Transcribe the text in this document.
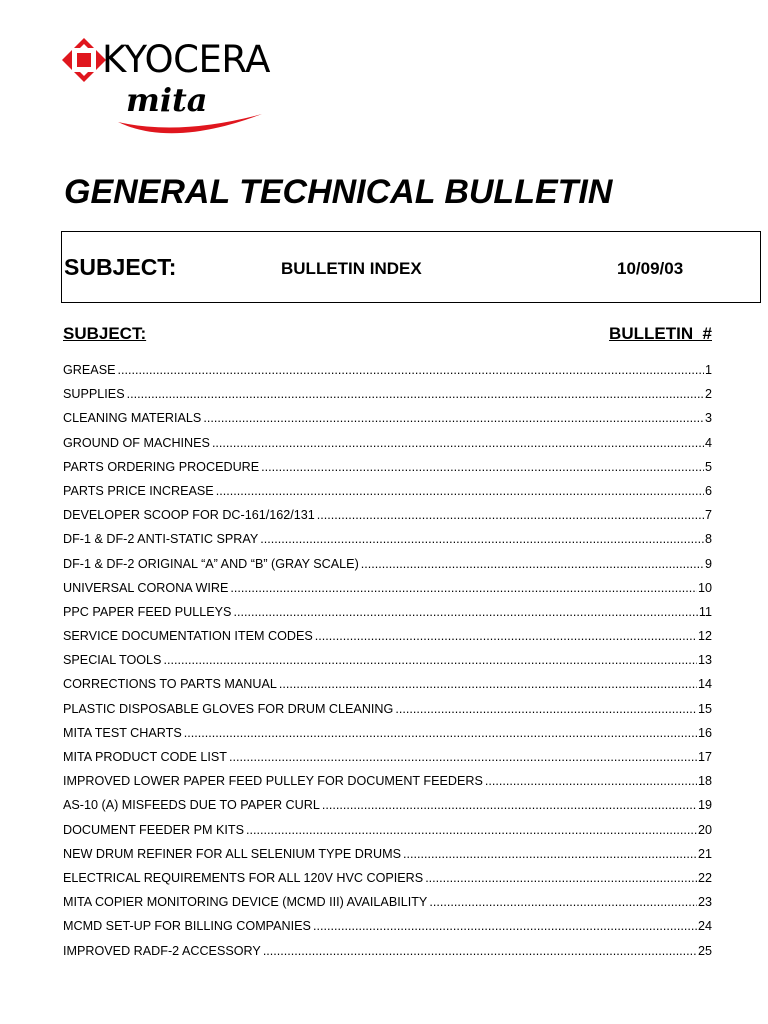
KYOCERA
mita
GENERAL TECHNICAL BULLETIN
SUBJECT:	BULLETIN INDEX	10/09/03
SUBJECT:	BULLETIN  #
GREASE .....	1
SUPPLIES .....	2
CLEANING MATERIALS .....	3
GROUND OF MACHINES .....	4
PARTS ORDERING PROCEDURE .....	5
PARTS PRICE INCREASE .....	6
DEVELOPER SCOOP FOR DC-161/162/131 .....	7
DF-1 & DF-2 ANTI-STATIC SPRAY .....	8
DF-1 & DF-2 ORIGINAL “A” AND “B” (GRAY SCALE) .....	9
UNIVERSAL CORONA WIRE .....	10
PPC PAPER FEED PULLEYS .....	11
SERVICE DOCUMENTATION ITEM CODES .....	12
SPECIAL TOOLS .....	13
CORRECTIONS TO PARTS MANUAL .....	14
PLASTIC DISPOSABLE GLOVES FOR DRUM CLEANING .....	15
MITA TEST CHARTS .....	16
MITA PRODUCT CODE LIST .....	17
IMPROVED LOWER PAPER FEED PULLEY FOR DOCUMENT FEEDERS .....	18
AS-10 (A) MISFEEDS DUE TO PAPER CURL .....	19
DOCUMENT FEEDER PM KITS .....	20
NEW DRUM REFINER FOR ALL SELENIUM TYPE DRUMS .....	21
ELECTRICAL REQUIREMENTS FOR ALL 120V HVC COPIERS .....	22
MITA COPIER MONITORING DEVICE (MCMD III) AVAILABILITY .....	23
MCMD SET-UP FOR BILLING COMPANIES .....	24
IMPROVED RADF-2 ACCESSORY .....	25
